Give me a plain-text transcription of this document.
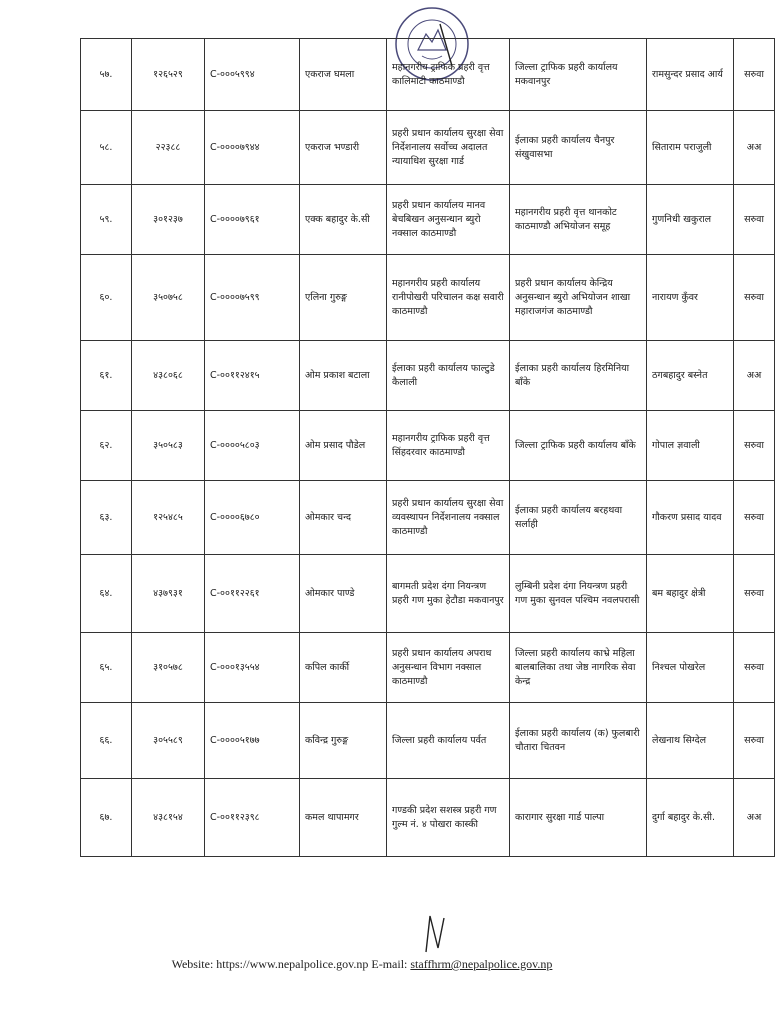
५७.	१२६५२९	C-०००५९९४	एकराज घमला	महानगरीय ट्राफिक प्रहरी वृत्त कालिमाटी काठमाण्डौ	जिल्ला ट्राफिक प्रहरी कार्यालय मकवानपुर	रामसुन्दर प्रसाद आर्य	सरुवा
५८.	२२३८८	C-००००७९४४	एकराज भण्डारी	प्रहरी प्रधान कार्यालय सुरक्षा सेवा निर्देशनालय सर्वोच्च अदालत न्यायाधिश सुरक्षा गार्ड	ईलाका प्रहरी कार्यालय चैनपुर संखुवासभा	सिताराम पराजुली	अअ
५९.	३०१२३७	C-००००७९६१	एक्क बहादुर के.सी	प्रहरी प्रधान कार्यालय मानव बेचबिखन अनुसन्धान ब्युरो नक्साल काठमाण्डौ	महानगरीय प्रहरी वृत्त थानकोट काठमाण्डौ अभियोजन समूह	गुणनिधी खकुराल	सरुवा
६०.	३५०७५८	C-००००७५९९	एलिना गुरुङ्ग	महानगरीय प्रहरी कार्यालय रानीपोखरी परिचालन कक्ष सवारी काठमाण्डौ	प्रहरी प्रधान कार्यालय केन्द्रिय अनुसन्धान ब्युरो अभियोजन शाखा महाराजगंज काठमाण्डौ	नारायण कुँवर	सरुवा
६१.	४३८०६८	C-००११२४१५	ओम प्रकाश बटाला	ईलाका प्रहरी कार्यालय फाल्टुडे कैलाली	ईलाका प्रहरी कार्यालय हिरमिनिया बाँके	ठगबहादुर बस्नेत	अअ
६२.	३५०५८३	C-००००५८०३	ओम प्रसाद पौडेल	महानगरीय ट्राफिक प्रहरी वृत्त सिंहदरवार काठमाण्डौ	जिल्ला ट्राफिक प्रहरी कार्यालय बाँके	गोपाल ज्ञवाली	सरुवा
६३.	१२५४८५	C-००००६७८०	ओमकार चन्द	प्रहरी प्रधान कार्यालय सुरक्षा सेवा व्यवस्थापन निर्देशनालय नक्साल काठमाण्डौ	ईलाका प्रहरी कार्यालय बरहथवा सर्लाही	गौकरण प्रसाद यादव	सरुवा
६४.	४३७९३१	C-००११२२६१	ओमकार पाण्डे	बागमती प्रदेश दंगा नियन्त्रण प्रहरी गण मुका हेटौडा मकवानपुर	लुम्बिनी प्रदेश दंगा नियन्त्रण प्रहरी गण मुका सुनवल पश्चिम नवलपरासी	बम बहादुर क्षेत्री	सरुवा
६५.	३१०५७८	C-०००१३५५४	कपिल कार्की	प्रहरी प्रधान कार्यालय अपराध अनुसन्धान विभाग नक्साल काठमाण्डौ	जिल्ला प्रहरी कार्यालय काभ्रे महिला बालबालिका तथा जेष्ठ नागरिक सेवा केन्द्र	निश्चल पोखरेल	सरुवा
६६.	३०५५८९	C-००००५१७७	कविन्द्र गुरुङ्ग	जिल्ला प्रहरी कार्यालय पर्वत	ईलाका प्रहरी कार्यालय (क) फुलबारी चौतारा चितवन	लेखनाथ सिग्देल	सरुवा
६७.	४३८१५४	C-००११२३९८	कमल थापामगर	गण्डकी प्रदेश सशस्त्र प्रहरी गण गुल्म नं. ४ पोखरा कास्की	कारागार सुरक्षा गार्ड पाल्पा	दुर्गा बहादुर के.सी.	अअ
Website: https://www.nepalpolice.gov.np E-mail: staffhrm@nepalpolice.gov.np
